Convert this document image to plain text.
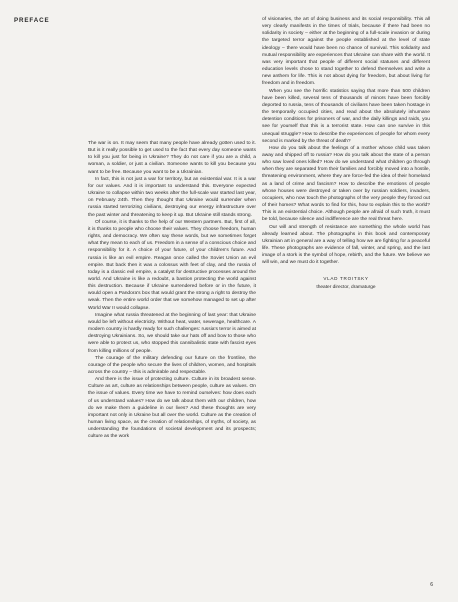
PREFACE

The war is on. It may seem that many people have already gotten used to it. But is it really possible to get used to the fact that every day someone wants to kill you just for being in Ukraine? They do not care if you are a child, a woman, a soldier, or just a civilian. Someone wants to kill you because you want to be free. Because you want to be a Ukrainian.

In fact, this is not just a war for territory, but an existential war. It is a war for our values. And it is important to understand this. Everyone expected Ukraine to collapse within two weeks after the full-scale war started last year, on February 24th. Then they thought that Ukraine would surrender when russia started terrorizing civilians, destroying our energy infrastructure over the past winter and threatening to keep it up. But Ukraine still stands strong.

Of course, it is thanks to the help of our Western partners. But, first of all, it is thanks to people who choose their values. They choose freedom, human rights, and democracy. We often say these words, but we sometimes forget what they mean to each of us. Freedom in a sense of a conscious choice and responsibility for it. A choice of your future, of your children's future. And russia is like an evil empire. Reagan once called the Soviet Union an evil empire. But back then it was a colossus with feet of clay, and the russia of today is a classic evil empire, a catalyst for destructive processes around the world. And Ukraine is like a redoubt, a bastion protecting the world against this destruction. Because if Ukraine surrendered before or in the future, it would open a Pandora's box that would grant the strong a right to destroy the weak. Then the entire world order that we somehow managed to set up after World War II would collapse.

Imagine what russia threatened at the beginning of last year: that Ukraine would be left without electricity. Without heat, water, sewerage, healthcare. A modern country is hardly ready for such challenges: russia's terror is aimed at destroying Ukrainians. So, we should take our hats off and bow to those who were able to protect us, who stopped this cannibalistic state with fascist eyes from killing millions of people.

The courage of the military defending our future on the frontline, the courage of the people who secure the lives of children, women, and hospitals across the country – this is admirable and respectable.

And there is the issue of protecting culture. Culture in its broadest sense. Culture as art, culture as relationships between people, culture as values. On the issue of values. Every time we have to remind ourselves: how does each of us understand values? How do we talk about them with our children, how do we make them a guideline in our lives? And these thoughts are very important not only in Ukraine but all over the world. Culture as the creation of human living space, as the creation of relationships, of myths, of society, as understanding the foundations of societal development and its prospects; culture as the work

of visionaries, the art of doing business and its social responsibility. This all very clearly manifests in the times of trials, because if there had been no solidarity in society – either at the beginning of a full-scale invasion or during the targeted terror against the people established at the level of state ideology – there would have been no chance of survival. This solidarity and mutual responsibility are experiences that Ukraine can share with the world. It was very important that people of different social statuses and different education levels chose to stand together to defend themselves and write a new anthem for life. This is not about dying for freedom, but about living for freedom and in freedom.

When you see the horrific statistics saying that more than 500 children have been killed, several tens of thousands of minors have been forcibly deported to russia, tens of thousands of civilians have been taken hostage in the temporarily occupied cities, and read about the absolutely inhumane detention conditions for prisoners of war, and the daily killings and raids, you see for yourself that this is a terrorist state. How can one survive in this unequal struggle? How to describe the experiences of people for whom every second is marked by the threat of death?

How do you talk about the feelings of a mother whose child was taken away and shipped off to russia? How do you talk about the state of a person who saw loved ones killed? How do we understand what children go through when they are separated from their families and forcibly moved into a hostile, threatening environment, where they are force-fed the idea of their homeland as a land of crime and fascism? How to describe the emotions of people whose houses were destroyed or taken over by russian soldiers, invaders, occupiers, who now touch the photographs of the very people they forced out of their homes? What words to find for this, how to explain this to the world? This is an existential choice. Although people are afraid of such truth, it must be told, because silence and indifference are the real threat here.

Our will and strength of resistance are something the whole world has already learned about. The photographs in this book and contemporary Ukrainian art in general are a way of telling how we are fighting for a peaceful life. These photographs are evidence of fall, winter, and spring, and the last image of a stork is the symbol of hope, rebirth, and the future. We believe we will win, and we must do it together.

VLAD TROITSKY
theater director, dramaturge
6
